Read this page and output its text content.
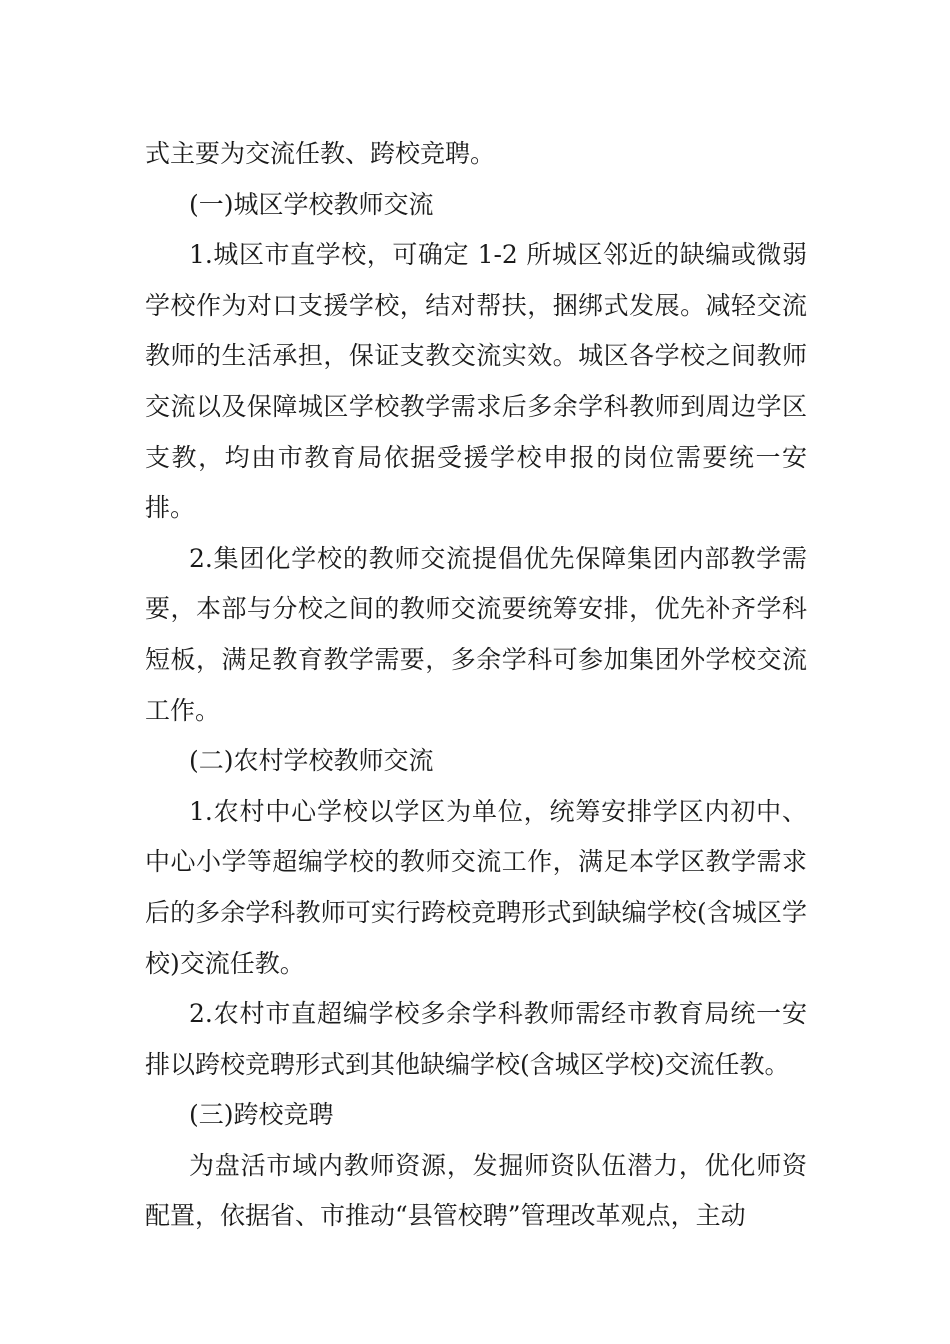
式主要为交流任教、跨校竞聘。

(一)城区学校教师交流

1.城区市直学校，可确定 1-2 所城区邻近的缺编或微弱学校作为对口支援学校，结对帮扶，捆绑式发展。减轻交流教师的生活承担，保证支教交流实效。城区各学校之间教师交流以及保障城区学校教学需求后多余学科教师到周边学区支教，均由市教育局依据受援学校申报的岗位需要统一安排。

2.集团化学校的教师交流提倡优先保障集团内部教学需要，本部与分校之间的教师交流要统筹安排，优先补齐学科短板，满足教育教学需要，多余学科可参加集团外学校交流工作。

(二)农村学校教师交流

1.农村中心学校以学区为单位，统筹安排学区内初中、中心小学等超编学校的教师交流工作，满足本学区教学需求后的多余学科教师可实行跨校竞聘形式到缺编学校(含城区学校)交流任教。

2.农村市直超编学校多余学科教师需经市教育局统一安排以跨校竞聘形式到其他缺编学校(含城区学校)交流任教。

(三)跨校竞聘

为盘活市域内教师资源，发掘师资队伍潜力，优化师资配置，依据省、市推动“县管校聘”管理改革观点，主动
